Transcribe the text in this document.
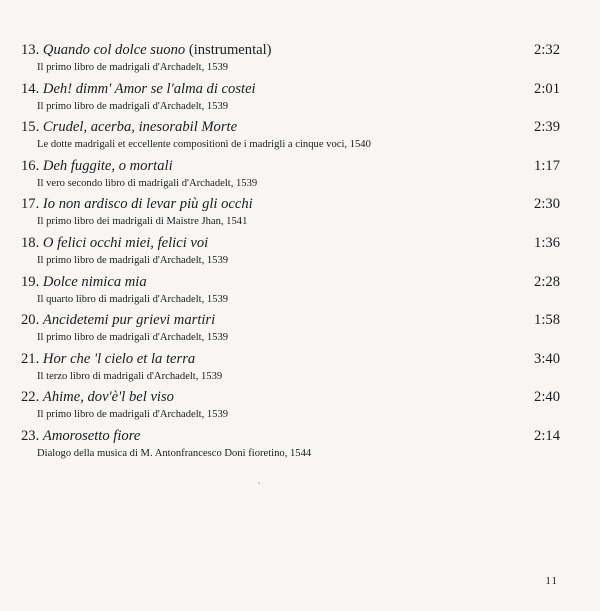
13. Quando col dolce suono (instrumental)	2:32
Il primo libro de madrigali d'Archadelt, 1539
14. Deh! dimm' Amor se l'alma di costei	2:01
Il primo libro de madrigali d'Archadelt, 1539
15. Crudel, acerba, inesorabil Morte	2:39
Le dotte madrigali et eccellente compositioni de i madrigli a cinque voci, 1540
16. Deh fuggite, o mortali	1:17
Il vero secondo libro di madrigali d'Archadelt, 1539
17. Io non ardisco di levar più gli occhi	2:30
Il primo libro dei madrigali di Maistre Jhan, 1541
18. O felici occhi miei, felici voi	1:36
Il primo libro de madrigali d'Archadelt, 1539
19. Dolce nimica mia	2:28
Il quarto libro di madrigali d'Archadelt, 1539
20. Ancidetemi pur grievi martiri	1:58
Il primo libro de madrigali d'Archadelt, 1539
21. Hor che 'l cielo et la terra	3:40
Il terzo libro di madrigali d'Archadelt, 1539
22. Ahime, dov'è'l bel viso	2:40
Il primo libro de madrigali d'Archadelt, 1539
23. Amorosetto fiore	2:14
Dialogo della musica di M. Antonfrancesco Doni fioretino, 1544
11
